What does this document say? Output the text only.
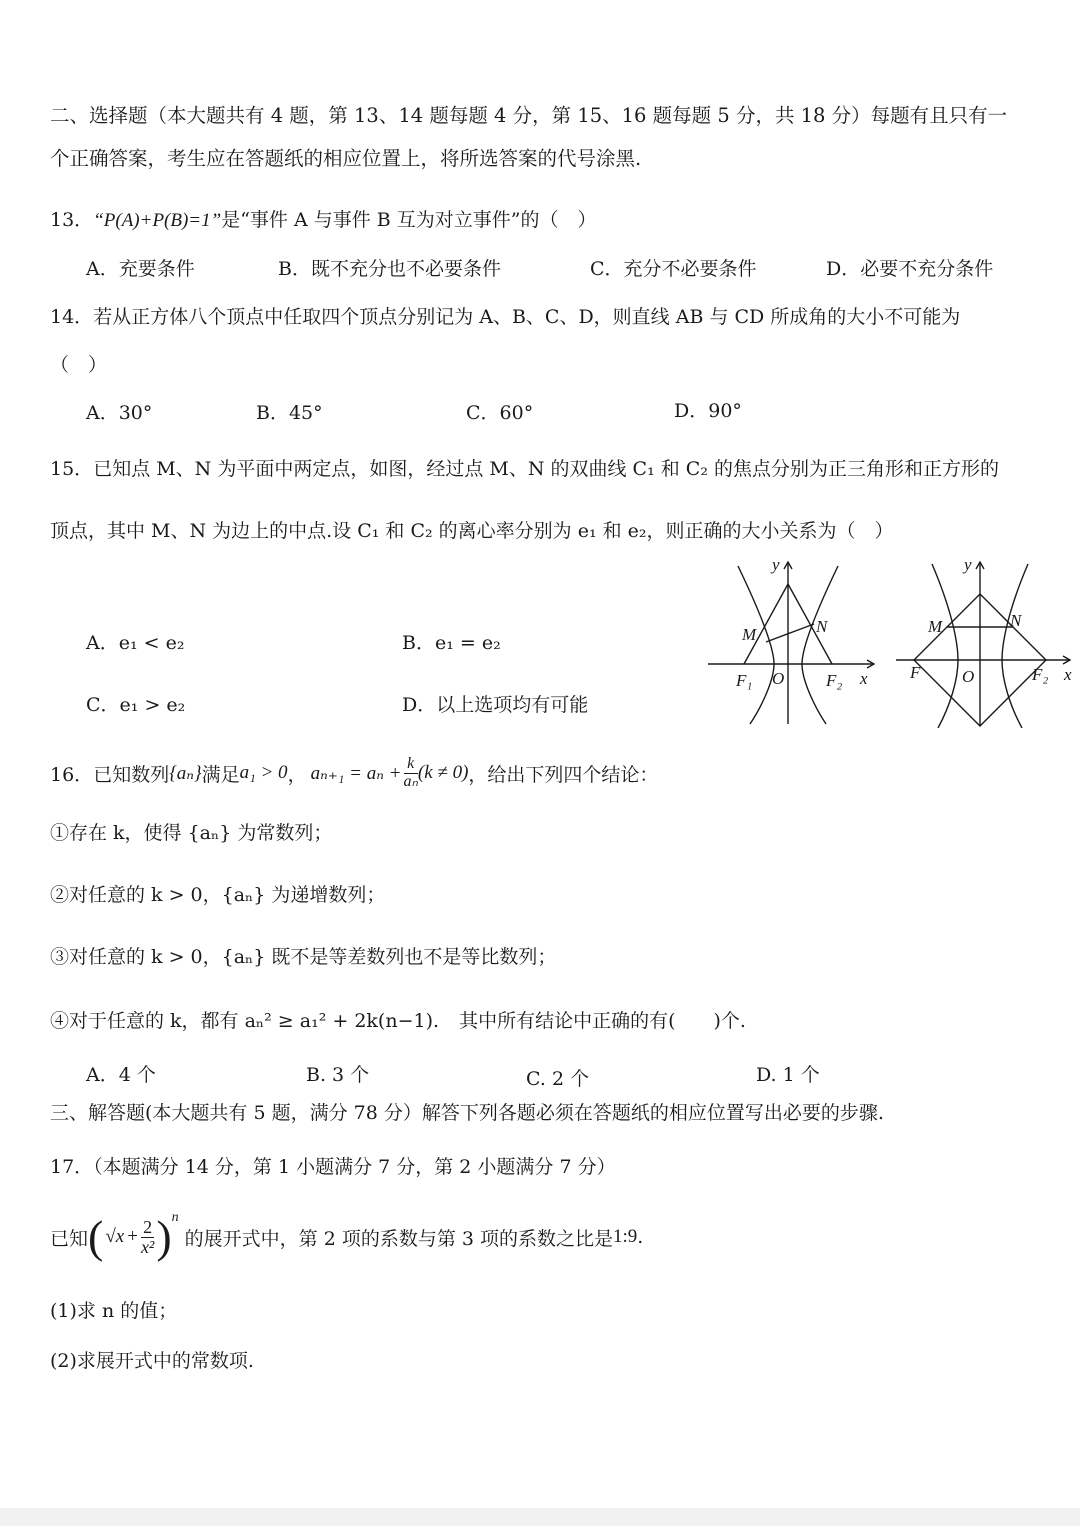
二、选择题（本大题共有 4 题，第 13、14 题每题 4 分，第 15、16 题每题 5 分，共 18 分）每题有且只有一
个正确答案，考生应在答题纸的相应位置上，将所选答案的代号涂黑.
13．“P(A)+P(B)=1”是“事件 A 与事件 B 互为对立事件”的（　）
A．充要条件	B．既不充分也不必要条件	C．充分不必要条件	D．必要不充分条件
14．若从正方体八个顶点中任取四个顶点分别记为 A、B、C、D，则直线 AB 与 CD 所成角的大小不可能为
（　）
A．30°	B．45°	C．60°	D．90°
15．已知点 M、N 为平面中两定点，如图，经过点 M、N 的双曲线 C₁ 和 C₂ 的焦点分别为正三角形和正方形的
顶点，其中 M、N 为边上的中点.设 C₁ 和 C₂ 的离心率分别为 e₁ 和 e₂，则正确的大小关系为（　）
A．e₁ < e₂	B．e₁ = e₂
C．e₁ > e₂	D．以上选项均有可能
y
x
M	N
O
F₁	F₂
y
x
M	N
O
F	F₂
16． 已知数列 {aₙ} 满足 a₁ > 0 ， $a_{n+1} = a_n + \frac{k}{\text{aₙ}} (k \ne 0)$ ，给出下列四个结论：
①存在 k，使得 {aₙ} 为常数列；
②对任意的 k > 0，{aₙ} 为递增数列；
③对任意的 k > 0，{aₙ} 既不是等差数列也不是等比数列；
④对于任意的 k，都有 aₙ² ≥ a₁² + 2k(n−1). 其中所有结论中正确的有(　　)个.
A．4 个	B. 3 个	C. 2 个	D. 1 个
三、解答题(本大题共有 5 题，满分 78 分）解答下列各题必须在答题纸的相应位置写出必要的步骤.
17．（本题满分 14 分，第 1 小题满分 7 分，第 2 小题满分 7 分）
已知 ( $√x + \frac{2}{\text{x²}}$ ) n
的展开式中，第 2 项的系数与第 3 项的系数之比是 1:9 .
(1)求 n 的值；
(2)求展开式中的常数项.
